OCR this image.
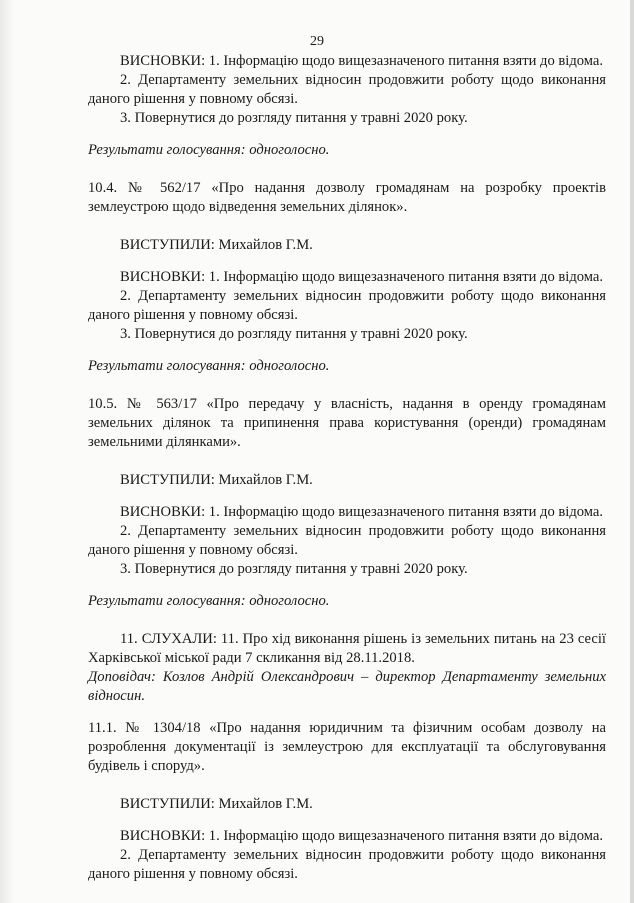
29

ВИСНОВКИ: 1. Інформацію щодо вищезазначеного питання взяти до відома.

2. Департаменту земельних відносин продовжити роботу щодо виконання даного рішення у повному обсязі.

3. Повернутися до розгляду питання у травні 2020 року.

Результати голосування: одноголосно.

10.4. № 562/17 «Про надання дозволу громадянам на розробку проектів землеустрою щодо відведення земельних ділянок».

ВИСТУПИЛИ: Михайлов Г.М.

ВИСНОВКИ: 1. Інформацію щодо вищезазначеного питання взяти до відома.

2. Департаменту земельних відносин продовжити роботу щодо виконання даного рішення у повному обсязі.

3. Повернутися до розгляду питання у травні 2020 року.

Результати голосування: одноголосно.

10.5. № 563/17 «Про передачу у власність, надання в оренду громадянам земельних ділянок та припинення права користування (оренди) громадянам земельними ділянками».

ВИСТУПИЛИ: Михайлов Г.М.

ВИСНОВКИ: 1. Інформацію щодо вищезазначеного питання взяти до відома.

2. Департаменту земельних відносин продовжити роботу щодо виконання даного рішення у повному обсязі.

3. Повернутися до розгляду питання у травні 2020 року.

Результати голосування: одноголосно.

11. СЛУХАЛИ: 11. Про хід виконання рішень із земельних питань на 23 сесії Харківської міської ради 7 скликання від 28.11.2018.

Доповідач: Козлов Андрій Олександрович – директор Департаменту земельних відносин.

11.1. № 1304/18 «Про надання юридичним та фізичним особам дозволу на розроблення документації із землеустрою для експлуатації та обслуговування будівель і споруд».

ВИСТУПИЛИ: Михайлов Г.М.

ВИСНОВКИ: 1. Інформацію щодо вищезазначеного питання взяти до відома.

2. Департаменту земельних відносин продовжити роботу щодо виконання даного рішення у повному обсязі.
